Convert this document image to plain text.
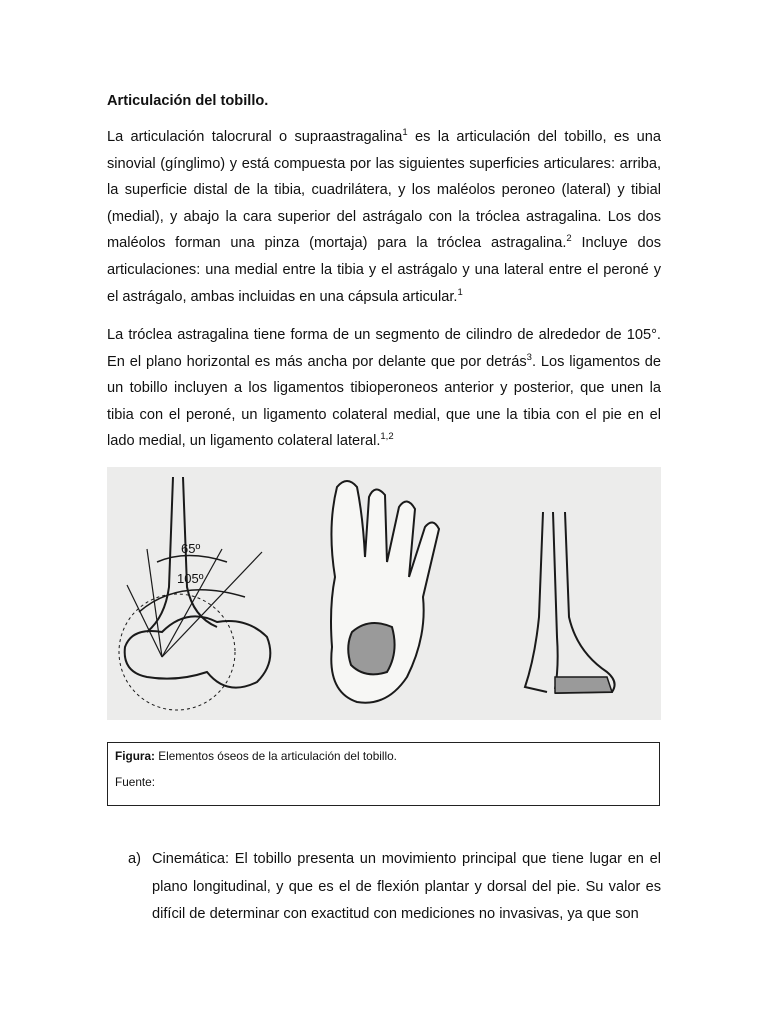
Articulación del tobillo.

La articulación talocrural o supraastragalina$^1$ es la articulación del tobillo, es una sinovial (gínglimo) y está compuesta por las siguientes superficies articulares: arriba, la superficie distal de la tibia, cuadrilátera, y los maléolos peroneo (lateral) y tibial (medial), y abajo la cara superior del astrágalo con la tróclea astragalina. Los dos maléolos forman una pinza (mortaja) para la tróclea astragalina.$^2$ Incluye dos articulaciones: una medial entre la tibia y el astrágalo y una lateral entre el peroné y el astrágalo, ambas incluidas en una cápsula articular.$^1$

La tróclea astragalina tiene forma de un segmento de cilindro de alrededor de 105°. En el plano horizontal es más ancha por delante que por detrás$^3$. Los ligamentos de un tobillo incluyen a los ligamentos tibioperoneos anterior y posterior, que unen la tibia con el peroné, un ligamento colateral medial, que une la tibia con el pie en el lado medial, un ligamento colateral lateral.$^{1,2}$

65º
105º
Figura: Elementos óseos de la articulación del tobillo.
Fuente:
a) Cinemática: El tobillo presenta un movimiento principal que tiene lugar en el plano longitudinal, y que es el de flexión plantar y dorsal del pie. Su valor es difícil de determinar con exactitud con mediciones no invasivas, ya que son
